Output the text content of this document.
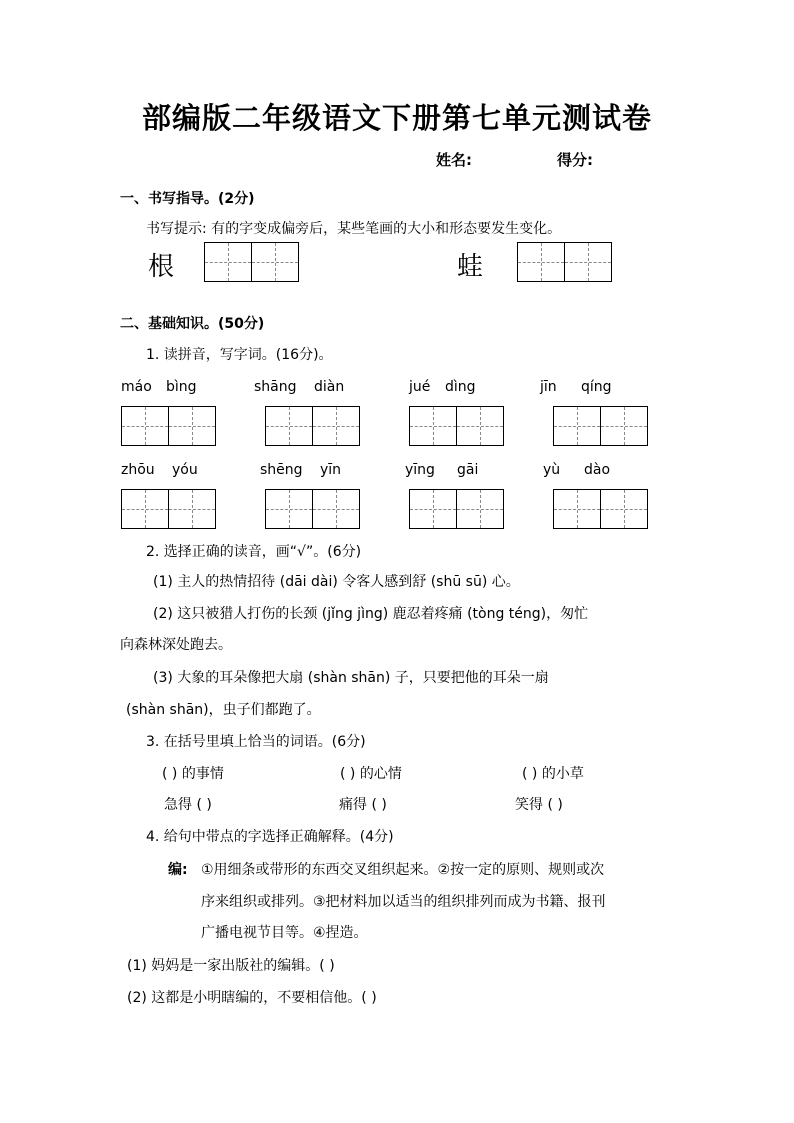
部编版二年级语文下册第七单元测试卷
姓名:	得分:
一、书写指导。(2分)
书写提示: 有的字变成偏旁后，某些笔画的大小和形态要发生变化。
根	蛙
二、基础知识。(50分)
1. 读拼音，写字词。(16分)。
máo bìng	shāng diàn	jué dìng	jīn qíng
zhōu yóu	shēng yīn	yīng gāi	yù dào
2. 选择正确的读音，画“√”。(6分)
(1) 主人的热情招待 (dāi dài) 令客人感到舒 (shū sū) 心。
(2) 这只被猎人打伤的长颈 (jǐng jìng) 鹿忍着疼痛 (tòng téng)，匆忙
向森林深处跑去。
(3) 大象的耳朵像把大扇 (shàn shān) 子，只要把他的耳朵一扇
(shàn shān)，虫子们都跑了。
3. 在括号里填上恰当的词语。(6分)
( ) 的事情	( ) 的心情	( ) 的小草
急得 ( )	痛得 ( )	笑得 ( )
4. 给句中带点的字选择正确解释。(4分)
编: ①用细条或带形的东西交叉组织起来。②按一定的原则、规则或次
序来组织或排列。③把材料加以适当的组织排列而成为书籍、报刊
广播电视节目等。④捏造。
(1) 妈妈是一家出版社的编辑。( )
(2) 这都是小明瞎编的，不要相信他。( )
